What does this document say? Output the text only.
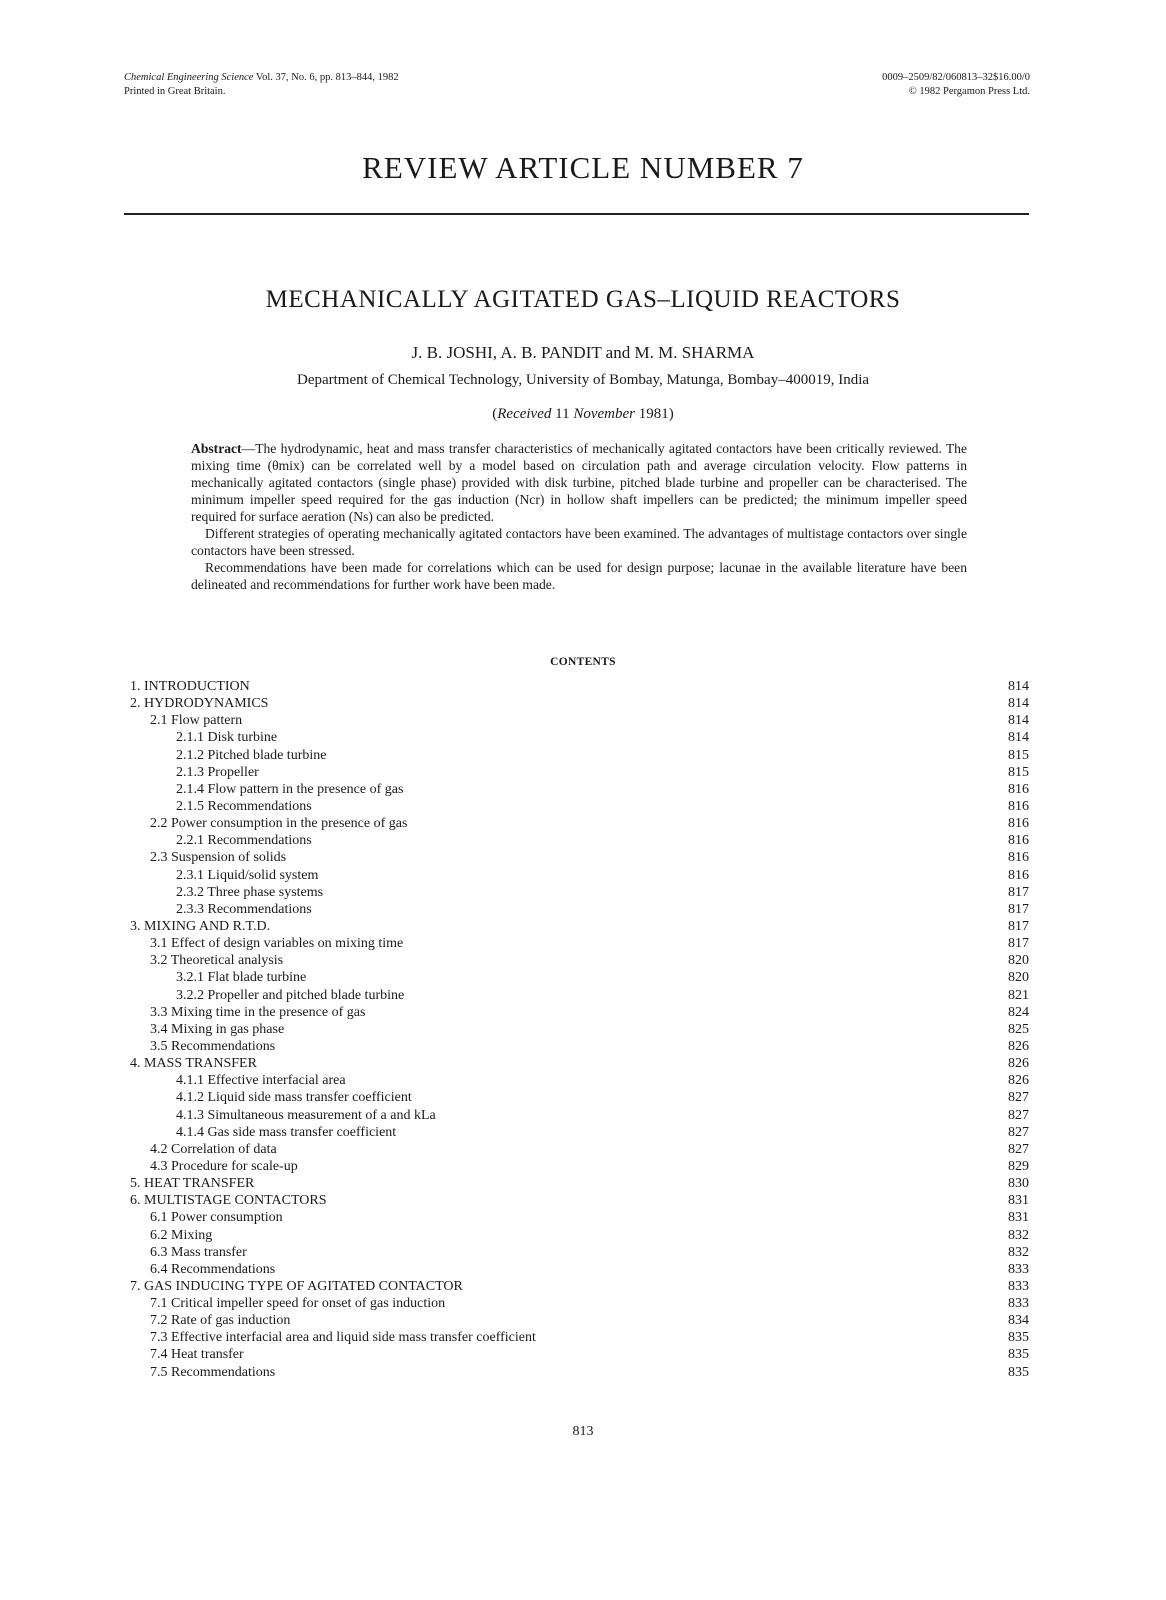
Chemical Engineering Science Vol. 37, No. 6, pp. 813–844, 1982
Printed in Great Britain.
0009–2509/82/060813–32$16.00/0
© 1982 Pergamon Press Ltd.
REVIEW ARTICLE NUMBER 7
MECHANICALLY AGITATED GAS–LIQUID REACTORS
J. B. JOSHI, A. B. PANDIT and M. M. SHARMA
Department of Chemical Technology, University of Bombay, Matunga, Bombay–400019, India
(Received 11 November 1981)

Abstract—The hydrodynamic, heat and mass transfer characteristics of mechanically agitated contactors have been critically reviewed. The mixing time (θmix) can be correlated well by a model based on circulation path and average circulation velocity. Flow patterns in mechanically agitated contactors (single phase) provided with disk turbine, pitched blade turbine and propeller can be characterised. The minimum impeller speed required for the gas induction (Ncr) in hollow shaft impellers can be predicted; the minimum impeller speed required for surface aeration (Ns) can also be predicted.

Different strategies of operating mechanically agitated contactors have been examined. The advantages of multistage contactors over single contactors have been stressed.

Recommendations have been made for correlations which can be used for design purpose; lacunae in the available literature have been delineated and recommendations for further work have been made.

CONTENTS
1. INTRODUCTION	814
2. HYDRODYNAMICS	814
2.1 Flow pattern	814
2.1.1 Disk turbine	814
2.1.2 Pitched blade turbine	815
2.1.3 Propeller	815
2.1.4 Flow pattern in the presence of gas	816
2.1.5 Recommendations	816
2.2 Power consumption in the presence of gas	816
2.2.1 Recommendations	816
2.3 Suspension of solids	816
2.3.1 Liquid/solid system	816
2.3.2 Three phase systems	817
2.3.3 Recommendations	817
3. MIXING AND R.T.D.	817
3.1 Effect of design variables on mixing time	817
3.2 Theoretical analysis	820
3.2.1 Flat blade turbine	820
3.2.2 Propeller and pitched blade turbine	821
3.3 Mixing time in the presence of gas	824
3.4 Mixing in gas phase	825
3.5 Recommendations	826
4. MASS TRANSFER	826
4.1.1 Effective interfacial area	826
4.1.2 Liquid side mass transfer coefficient	827
4.1.3 Simultaneous measurement of a and kLa	827
4.1.4 Gas side mass transfer coefficient	827
4.2 Correlation of data	827
4.3 Procedure for scale-up	829
5. HEAT TRANSFER	830
6. MULTISTAGE CONTACTORS	831
6.1 Power consumption	831
6.2 Mixing	832
6.3 Mass transfer	832
6.4 Recommendations	833
7. GAS INDUCING TYPE OF AGITATED CONTACTOR	833
7.1 Critical impeller speed for onset of gas induction	833
7.2 Rate of gas induction	834
7.3 Effective interfacial area and liquid side mass transfer coefficient	835
7.4 Heat transfer	835
7.5 Recommendations	835
813
